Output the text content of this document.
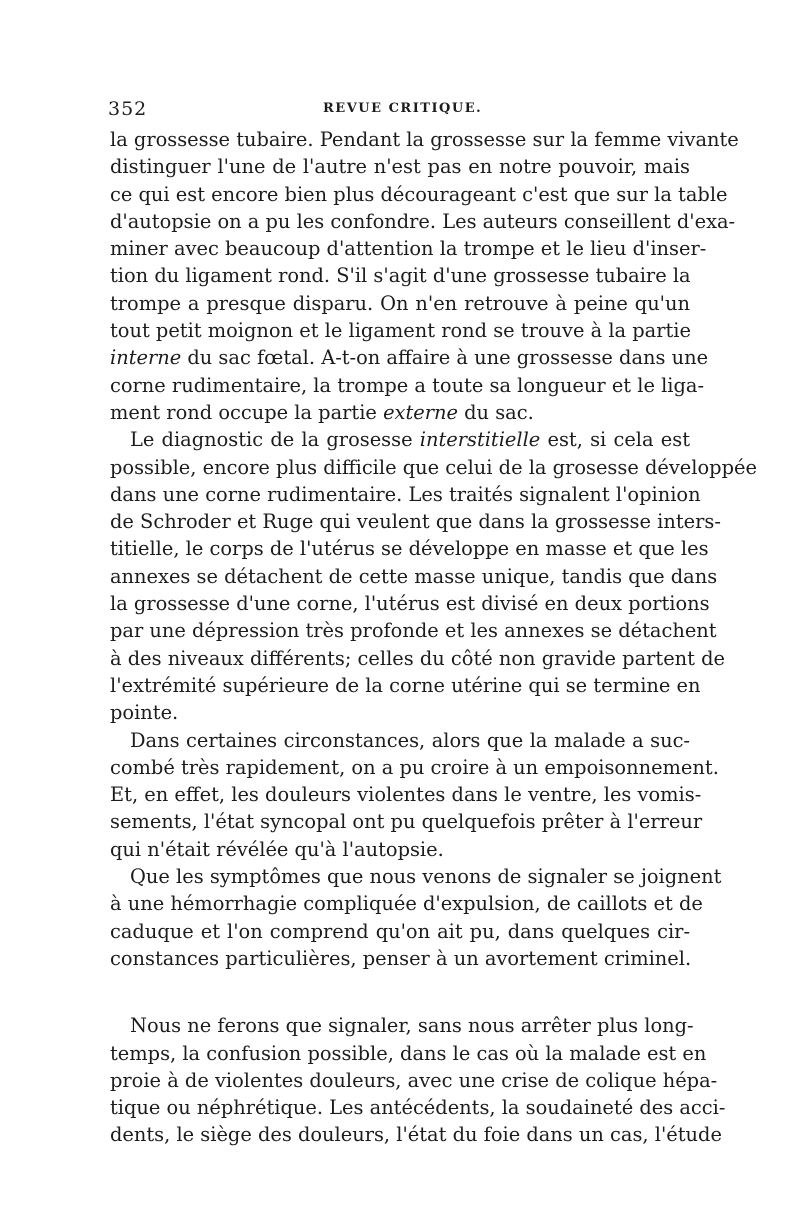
352	REVUE CRITIQUE.
la grossesse tubaire. Pendant la grossesse sur la femme vivante
distinguer l'une de l'autre n'est pas en notre pouvoir, mais
ce qui est encore bien plus décourageant c'est que sur la table
d'autopsie on a pu les confondre. Les auteurs conseillent d'exa-
miner avec beaucoup d'attention la trompe et le lieu d'inser-
tion du ligament rond. S'il s'agit d'une grossesse tubaire la
trompe a presque disparu. On n'en retrouve à peine qu'un
tout petit moignon et le ligament rond se trouve à la partie
interne du sac fœtal. A-t-on affaire à une grossesse dans une
corne rudimentaire, la trompe a toute sa longueur et le liga-
ment rond occupe la partie externe du sac.
Le diagnostic de la grosesse interstitielle est, si cela est
possible, encore plus difficile que celui de la grosesse développée
dans une corne rudimentaire. Les traités signalent l'opinion
de Schroder et Ruge qui veulent que dans la grossesse inters-
titielle, le corps de l'utérus se développe en masse et que les
annexes se détachent de cette masse unique, tandis que dans
la grossesse d'une corne, l'utérus est divisé en deux portions
par une dépression très profonde et les annexes se détachent
à des niveaux différents; celles du côté non gravide partent de
l'extrémité supérieure de la corne utérine qui se termine en
pointe.
Dans certaines circonstances, alors que la malade a suc-
combé très rapidement, on a pu croire à un empoisonnement.
Et, en effet, les douleurs violentes dans le ventre, les vomis-
sements, l'état syncopal ont pu quelquefois prêter à l'erreur
qui n'était révélée qu'à l'autopsie.
Que les symptômes que nous venons de signaler se joignent
à une hémorrhagie compliquée d'expulsion, de caillots et de
caduque et l'on comprend qu'on ait pu, dans quelques cir-
constances particulières, penser à un avortement criminel.
Nous ne ferons que signaler, sans nous arrêter plus long-
temps, la confusion possible, dans le cas où la malade est en
proie à de violentes douleurs, avec une crise de colique hépa-
tique ou néphrétique. Les antécédents, la soudaineté des acci-
dents, le siège des douleurs, l'état du foie dans un cas, l'étude
